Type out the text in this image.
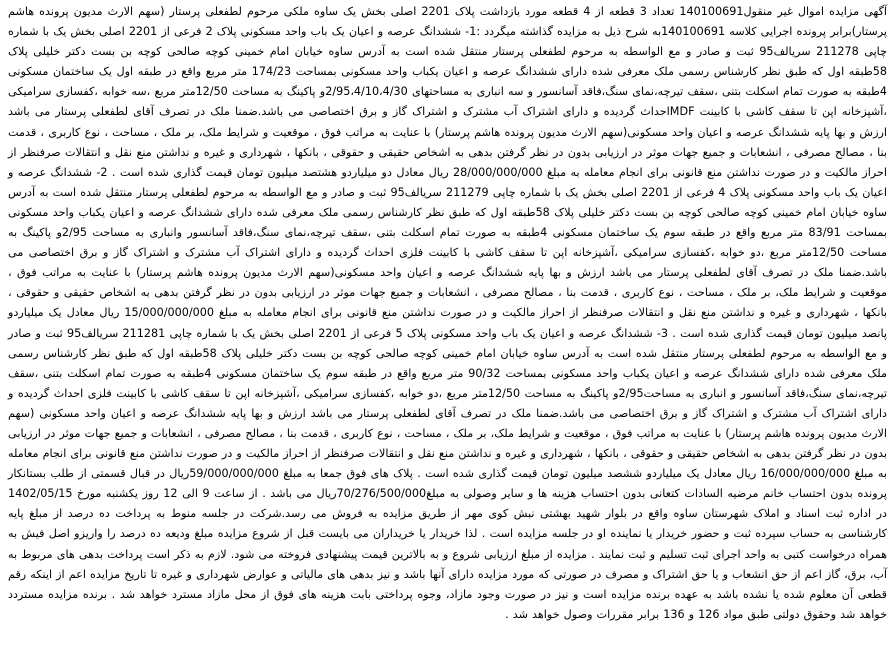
آگهی مزایده اموال غیر منقول140100691 تعداد 3 قطعه از 4 قطعه مورد بازداشت پلاک 2201 اصلی بخش یک ساوه ملکی مرحوم لطفعلی پرستار (سهم الارث مدیون پرونده هاشم پرستار)برابر پرونده اجرایی کلاسه 140100691به شرح ذیل به مزایده گذاشته میگردد :1- ششدانگ عرصه و اعیان یک باب واحد مسکونی پلاک 2 فرعی از 2201 اصلی بخش یک با شماره چاپی 211278 سریالف95 ثبت و صادر و مع الواسطه به مرحوم لطفعلی پرستار منتقل شده است به آدرس ساوه خیابان امام خمینی کوچه صالحی کوچه بن بست دکتر خلیلی پلاک 58طبقه اول که طبق نظر کارشناس رسمی ملک معرفی شده دارای ششدانگ عرصه و اعیان یکباب واحد مسکونی بمساحت 174/23 متر مربع واقع در طبقه اول یک ساختمان مسکونی 4طبقه به صورت تمام اسکلت بتنی ،سقف تیرچه،نمای سنگ،فاقد آسانسور و سه انباری به مساحتهای 2/95،4/10،4/30و پاکینگ به مساحت 12/50متر مربع ،سه خوابه ،کفسازی سرامیکی ،آشپزخانه اپن تا سقف کاشی با کابینت MDFاحداث گردیده و دارای اشتراک آب مشترک و اشتراک گاز و برق اختصاصی می باشد.ضمنا ملک در تصرف آقای لطفعلی پرستار می باشد ارزش و بها پایه ششدانگ عرصه و اعیان واحد مسکونی(سهم الارث مدیون پرونده هاشم پرستار) با عنایت به مراتب فوق ، موقعیت و شرایط ملک، بر ملک ، مساحت ، نوع کاربری ، قدمت بنا ، مصالح مصرفی ، انشعابات و جمیع جهات موثر در ارزیابی بدون در نظر گرفتن بدهی به اشخاص حقیقی و حقوقی ، بانکها ، شهرداری و غیره و نداشتن منع نقل و انتقالات صرفنظر از احراز مالکیت و در صورت نداشتن منع قانونی برای انجام معامله به مبلغ 28/000/000/000 ریال معادل دو میلیاردو هشتصد میلیون تومان قیمت گذاری شده است . 2- ششدانگ عرصه و اعیان یک باب واحد مسکونی پلاک 4 فرعی از 2201 اصلی بخش یک با شماره چاپی 211279 سریالف95 ثبت و صادر و مع الواسطه به مرحوم لطفعلی پرستار منتقل شده است به آدرس ساوه خیابان امام خمینی کوچه صالحی کوچه بن بست دکتر خلیلی پلاک 58طبقه اول که طبق نظر کارشناس رسمی ملک معرفی شده دارای ششدانگ عرصه و اعیان یکباب واحد مسکونی بمساحت 83/91 متر مربع واقع در طبقه سوم یک ساختمان مسکونی 4طبقه به صورت تمام اسکلت بتنی ،سقف تیرچه،نمای سنگ،فاقد آسانسور وانباری به مساحت 2/95و پاکینگ به مساحت 12/50متر مربع ،دو خوابه ،کفسازی سرامیکی ،آشپزخانه اپن تا سقف کاشی با کابینت فلزی احداث گردیده و دارای اشتراک آب مشترک و اشتراک گاز و برق اختصاصی می باشد.ضمنا ملک در تصرف آقای لطفعلی پرستار می باشد ارزش و بها پایه ششدانگ عرصه و اعیان واحد مسکونی(سهم الارث مدیون پرونده هاشم پرستار) با عنایت به مراتب فوق ، موقعیت و شرایط ملک، بر ملک ، مساحت ، نوع کاربری ، قدمت بنا ، مصالح مصرفی ، انشعابات و جمیع جهات موثر در ارزیابی بدون در نظر گرفتن بدهی به اشخاص حقیقی و حقوقی ، بانکها ، شهرداری و غیره و نداشتن منع نقل و انتقالات صرفنظر از احراز مالکیت و در صورت نداشتن منع قانونی برای انجام معامله به مبلغ 15/000/000/000 ریال معادل یک میلیاردو پانصد میلیون تومان قیمت گذاری شده است . 3- ششدانگ عرصه و اعیان یک باب واحد مسکونی پلاک 5 فرعی از 2201 اصلی بخش یک با شماره چاپی 211281 سریالف95 ثبت و صادر و مع الواسطه به مرحوم لطفعلی پرستار منتقل شده است به آدرس ساوه خیابان امام خمینی کوچه صالحی کوچه بن بست دکتر خلیلی پلاک 58طبقه اول که طبق نظر کارشناس رسمی ملک معرفی شده دارای ششدانگ عرصه و اعیان یکباب واحد مسکونی بمساحت 90/32 متر مربع واقع در طبقه سوم یک ساختمان مسکونی 4طبقه به صورت تمام اسکلت بتنی ،سقف تیرچه،نمای سنگ،فاقد آسانسور و انباری به مساحت2/95و پاکینگ به مساحت 12/50متر مربع ،دو خوابه ،کفسازی سرامیکی ،آشپزخانه اپن تا سقف کاشی با کابینت فلزی احداث گردیده و دارای اشتراک آب مشترک و اشتراک گاز و برق اختصاصی می باشد.ضمنا ملک در تصرف آقای لطفعلی پرستار می باشد ارزش و بها پایه ششدانگ عرصه و اعیان واحد مسکونی (سهم الارث مدیون پرونده هاشم پرستار) با عنایت به مراتب فوق ، موقعیت و شرایط ملک، بر ملک ، مساحت ، نوع کاربری ، قدمت بنا ، مصالح مصرفی ، انشعابات و جمیع جهات موثر در ارزیابی بدون در نظر گرفتن بدهی به اشخاص حقیقی و حقوقی ، بانکها ، شهرداری و غیره و نداشتن منع نقل و انتقالات صرفنظر از احراز مالکیت و در صورت نداشتن منع قانونی برای انجام معامله به مبلغ 16/000/000/000 ریال معادل یک میلیاردو ششصد میلیون تومان قیمت گذاری شده است . پلاک های فوق جمعا به مبلغ 59/000/000/000ریال در قبال قسمتی از طلب بستانکار پرونده بدون احتساب خانم مرضیه السادات کتعانی بدون احتساب هزینه ها و سایر وصولی به مبلغ70/276/500/000ریال می باشد . از ساعت 9 الی 12 روز یکشنبه مورخ 1402/05/15 در اداره ثبت اسناد و املاک شهرستان ساوه واقع در بلوار شهید بهشتی نبش کوی مهر از طریق مزایده به فروش می رسد.شرکت در جلسه منوط به پرداخت ده درصد از مبلغ پایه کارشناسی به حساب سپرده ثبت و حضور خریدار یا نماینده او در جلسه مزایده است . لذا خریدار یا خریداران می بایست قبل از شروع مزایده مبلغ ودیعه ده درصد را واریزو اصل فیش به همراه درخواست کتبی به واحد اجرای ثبت تسلیم و ثبت نمایند . مزایده از مبلغ ارزیابی شروع و به بالاترین قیمت پیشنهادی فروخته می شود. لازم به ذکر است پرداخت بدهی های مربوط به آب، برق، گاز اعم از حق انشعاب و یا حق اشتراک و مصرف در صورتی که مورد مزایده دارای آنها باشد و نیز بدهی های مالیاتی و عوارض شهرداری و غیره تا تاریخ مزایده اعم از اینکه رقم قطعی آن معلوم شده یا نشده باشد به عهده برنده مزایده است و نیز در صورت وجود مازاد، وجوه پرداختی بابت هزینه های فوق از محل مازاد مسترد خواهد شد . برنده مزایده مستردد خواهد شد وحقوق دولتی طبق مواد 126 و 136 برابر مقررات وصول خواهد شد .
